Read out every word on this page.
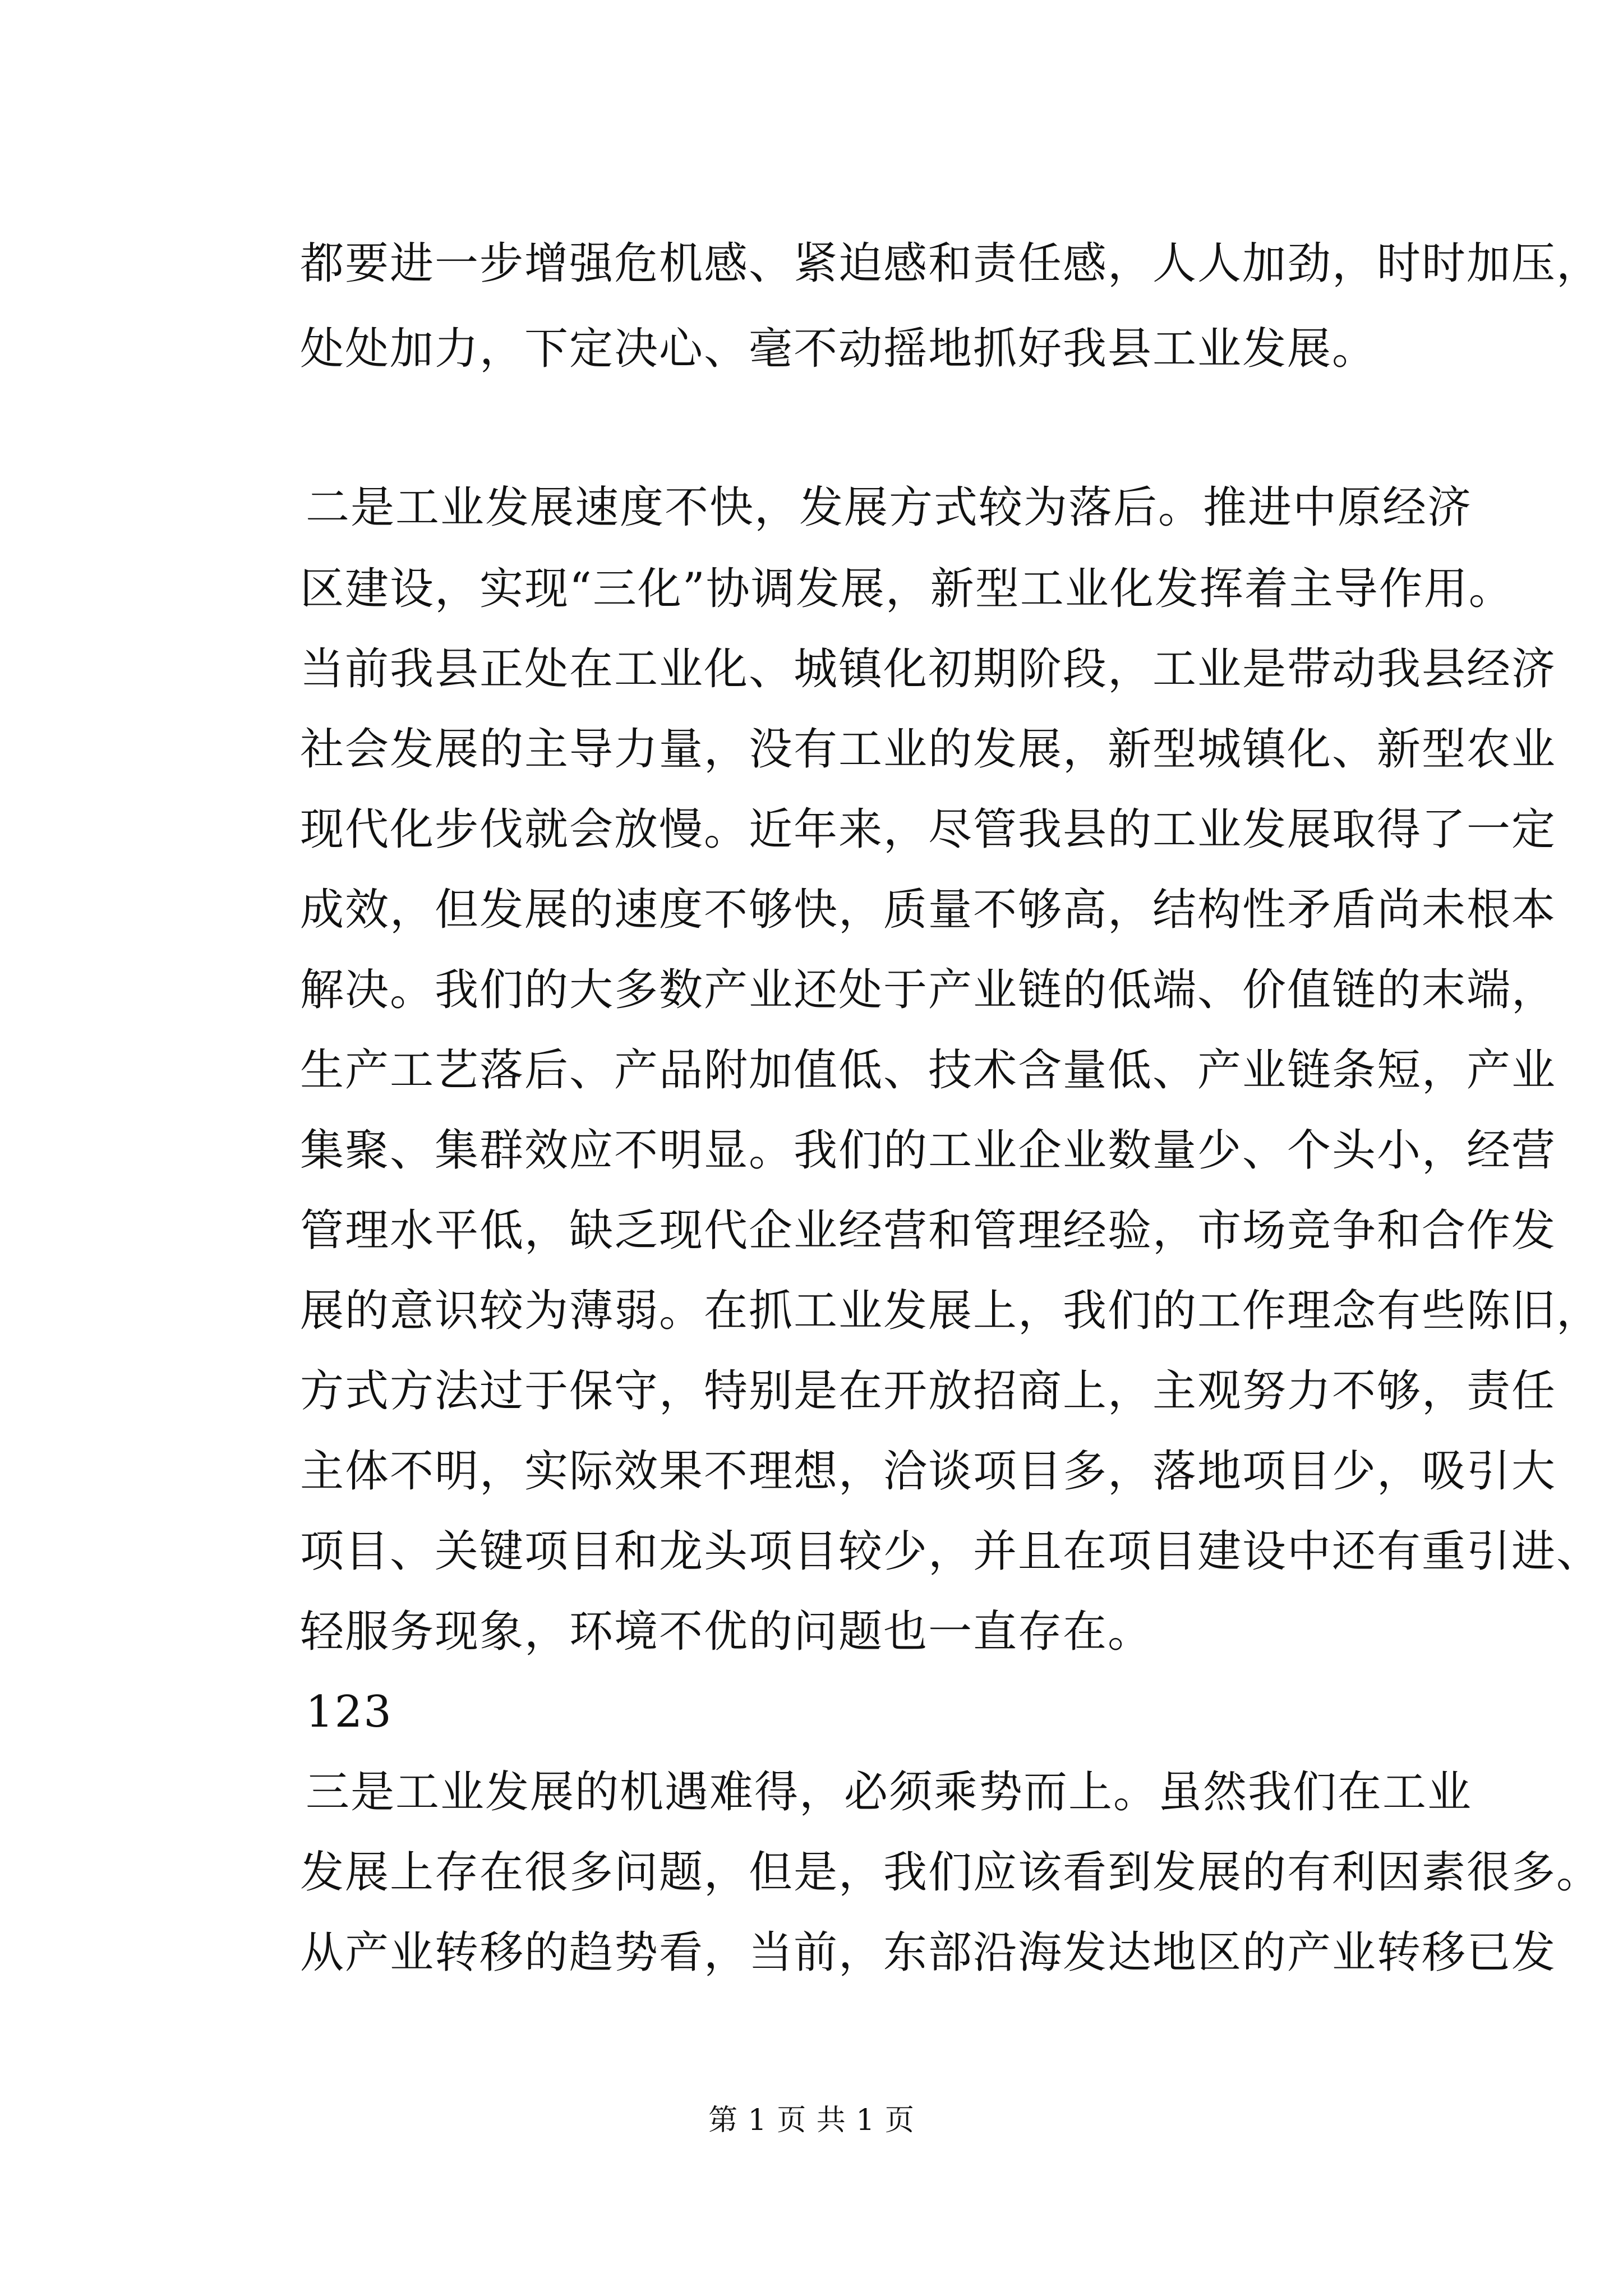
都要进一步增强危机感、紧迫感和责任感，人人加劲，时时加压，
处处加力，下定决心、毫不动摇地抓好我县工业发展。
二是工业发展速度不快，发展方式较为落后。推进中原经济
区建设，实现“三化”协调发展，新型工业化发挥着主导作用。
当前我县正处在工业化、城镇化初期阶段，工业是带动我县经济
社会发展的主导力量，没有工业的发展，新型城镇化、新型农业
现代化步伐就会放慢。近年来，尽管我县的工业发展取得了一定
成效，但发展的速度不够快，质量不够高，结构性矛盾尚未根本
解决。我们的大多数产业还处于产业链的低端、价值链的末端，
生产工艺落后、产品附加值低、技术含量低、产业链条短，产业
集聚、集群效应不明显。我们的工业企业数量少、个头小，经营
管理水平低，缺乏现代企业经营和管理经验，市场竞争和合作发
展的意识较为薄弱。在抓工业发展上，我们的工作理念有些陈旧，
方式方法过于保守，特别是在开放招商上，主观努力不够，责任
主体不明，实际效果不理想，洽谈项目多，落地项目少，吸引大
项目、关键项目和龙头项目较少，并且在项目建设中还有重引进、
轻服务现象，环境不优的问题也一直存在。
123
三是工业发展的机遇难得，必须乘势而上。虽然我们在工业
发展上存在很多问题，但是，我们应该看到发展的有利因素很多。
从产业转移的趋势看，当前，东部沿海发达地区的产业转移已发
第 1 页 共 1 页
